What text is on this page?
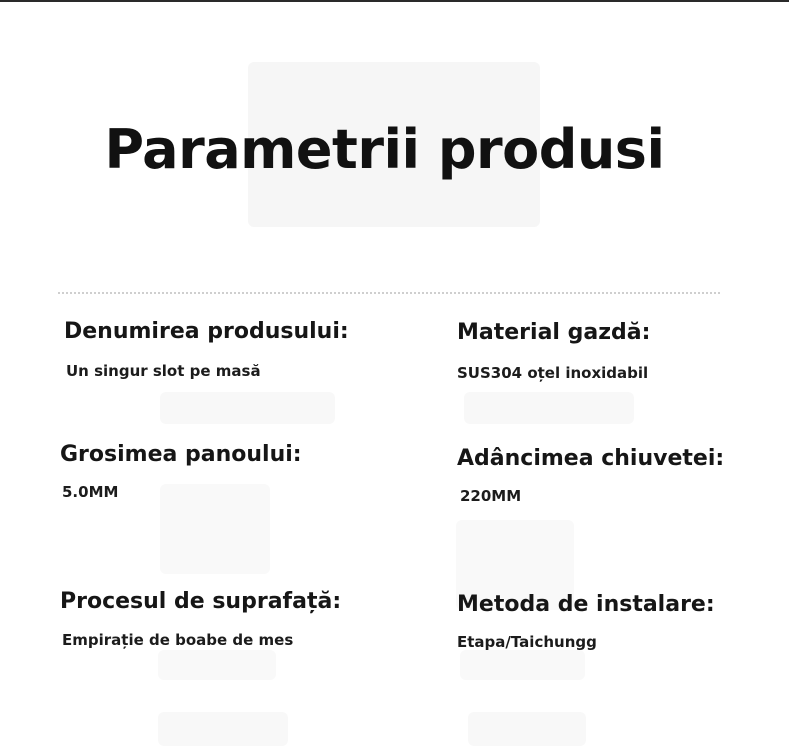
Parametrii produsi
Denumirea produsului:
Un singur slot pe masă
Material gazdă:
SUS304 oțel inoxidabil
Grosimea panoului:
5.0MM
Adâncimea chiuvetei:
220MM
Procesul de suprafață:
Empirație de boabe de mes
Metoda de instalare:
Etapa/Taichungg
